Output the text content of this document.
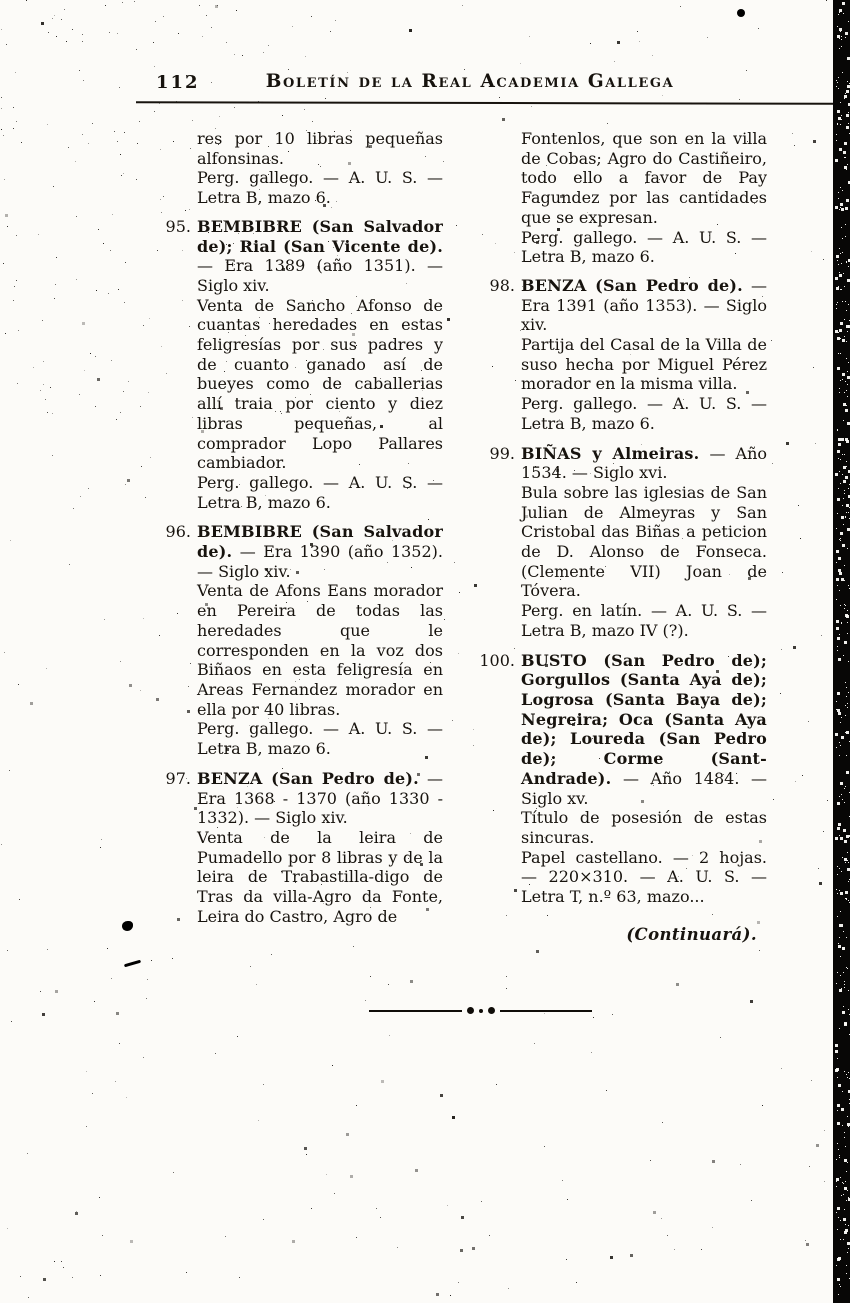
112	Boletín de la Real Academia Gallega
res por 10 libras pequeñas alfonsinas.
Perg. gallego. — A. U. S. — Letra B, mazo 6.
95. BEMBIBRE (San Salvador de); Rial (San Vicente de). — Era 1389 (año 1351). — Siglo xiv.
Venta de Sancho Afonso de cuantas heredades en estas feligresías por sus padres y de cuanto ganado así de bueyes como de caballerias allí traia por ciento y diez libras pequeñas, al comprador Lopo Pallares cambiador.
Perg. gallego. — A. U. S. — Letra B, mazo 6.
96. BEMBIBRE (San Salvador de). — Era 1390 (año 1352). — Siglo xiv.
Venta de Afons Eans morador en Pereira de todas las heredades que le corresponden en la voz dos Biñaos en esta feligresía en Areas Fernandez morador en ella por 40 libras.
Perg. gallego. — A. U. S. — Letra B, mazo 6.
97. BENZA (San Pedro de). — Era 1368 - 1370 (año 1330 - 1332). — Siglo xiv.
Venta de la leira de Pumadello por 8 libras y de la leira de Trabastilla-digo de Tras da villa-Agro da Fonte, Leira do Castro, Agro de
Fontenlos, que son en la villa de Cobas; Agro do Castiñeiro, todo ello a favor de Pay Fagundez por las cantidades que se expresan.
Perg. gallego. — A. U. S. — Letra B, mazo 6.
98. BENZA (San Pedro de). — Era 1391 (año 1353). — Siglo xiv.
Partija del Casal de la Villa de suso hecha por Miguel Pérez morador en la misma villa.
Perg. gallego. — A. U. S. — Letra B, mazo 6.
99. BIÑAS y Almeiras. — Año 1534. — Siglo xvi.
Bula sobre las iglesias de San Julian de Almeyras y San Cristobal das Biñas a peticion de D. Alonso de Fonseca. (Clemente VII) Joan de Tóvera.
Perg. en latín. — A. U. S. — Letra B, mazo IV (?).
100. BUSTO (San Pedro de); Gorgullos (Santa Aya de); Logrosa (Santa Baya de); Negreira; Oca (Santa Aya de); Loureda (San Pedro de); Corme (Sant-Andrade). — Año 1484. — Siglo xv.
Título de posesión de estas sincuras.
Papel castellano. — 2 hojas. — 220×310. — A. U. S. — Letra T, n.º 63, mazo...
(Continuará).
